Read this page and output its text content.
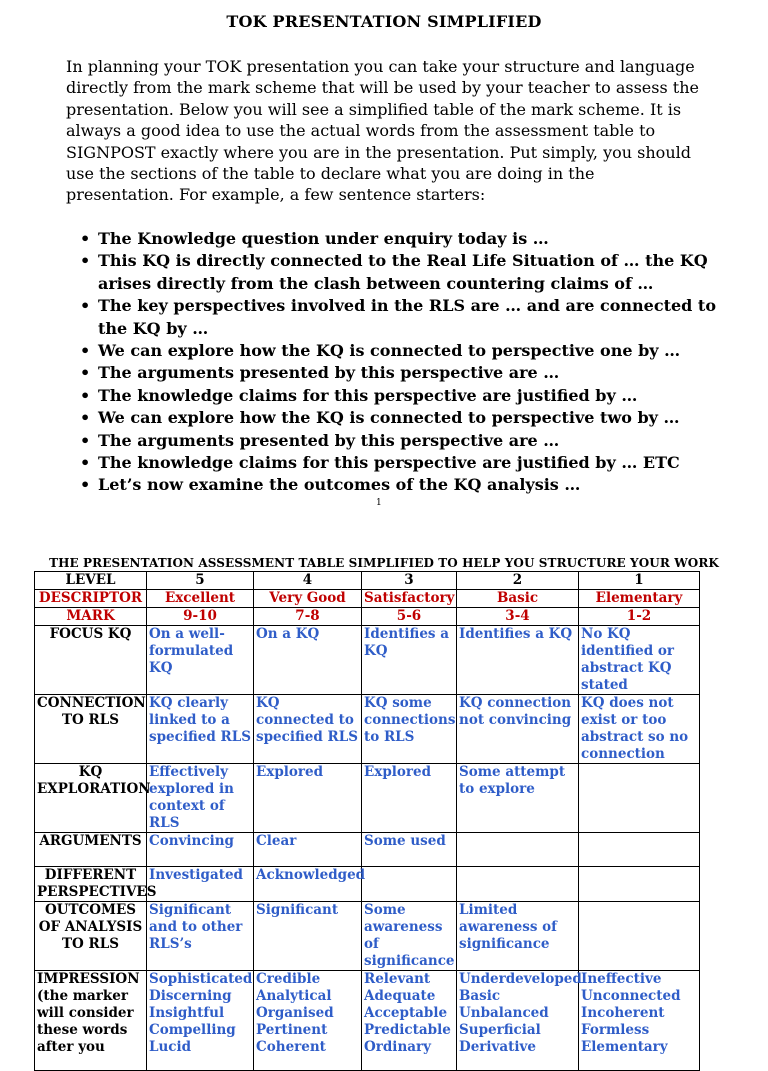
TOK PRESENTATION SIMPLIFIED

In planning your TOK presentation you can take your structure and language directly from the mark scheme that will be used by your teacher to assess the presentation. Below you will see a simplified table of the mark scheme. It is always a good idea to use the actual words from the assessment table to SIGNPOST exactly where you are in the presentation. Put simply, you should use the sections of the table to declare what you are doing in the presentation. For example, a few sentence starters:

• The Knowledge question under enquiry today is …
• This KQ is directly connected to the Real Life Situation of … the KQ arises directly from the clash between countering claims of …
• The key perspectives involved in the RLS are … and are connected to the KQ by …
• We can explore how the KQ is connected to perspective one by …
• The arguments presented by this perspective are …
• The knowledge claims for this perspective are justified by …
• We can explore how the KQ is connected to perspective two by …
• The arguments presented by this perspective are …
• The knowledge claims for this perspective are justified by … ETC
• Let’s now examine the outcomes of the KQ analysis …
1
THE PRESENTATION ASSESSMENT TABLE SIMPLIFIED TO HELP YOU STRUCTURE YOUR WORK
LEVEL	5	4	3	2	1
DESCRIPTOR	Excellent	Very Good	Satisfactory	Basic	Elementary
MARK	9-10	7-8	5-6	3-4	1-2
FOCUS KQ	On a well-formulated KQ	On a KQ	Identifies a KQ	Identifies a KQ	No KQ identified or abstract KQ stated
CONNECTION TO RLS	KQ clearly linked to a specified RLS	KQ connected to specified RLS	KQ some connections to RLS	KQ connection not convincing	KQ does not exist or too abstract so no connection
KQ EXPLORATION	Effectively explored in context of RLS	Explored	Explored	Some attempt to explore	
ARGUMENTS	Convincing	Clear	Some used		
DIFFERENT PERSPECTIVES	Investigated	Acknowledged			
OUTCOMES OF ANALYSIS TO RLS	Significant and to other RLS’s	Significant	Some awareness of significance	Limited awareness of significance	
IMPRESSION (the marker will consider these words after you	Sophisticated Discerning Insightful Compelling Lucid	Credible Analytical Organised Pertinent Coherent	Relevant Adequate Acceptable Predictable Ordinary	Underdeveloped Basic Unbalanced Superficial Derivative	Ineffective Unconnected Incoherent Formless Elementary
